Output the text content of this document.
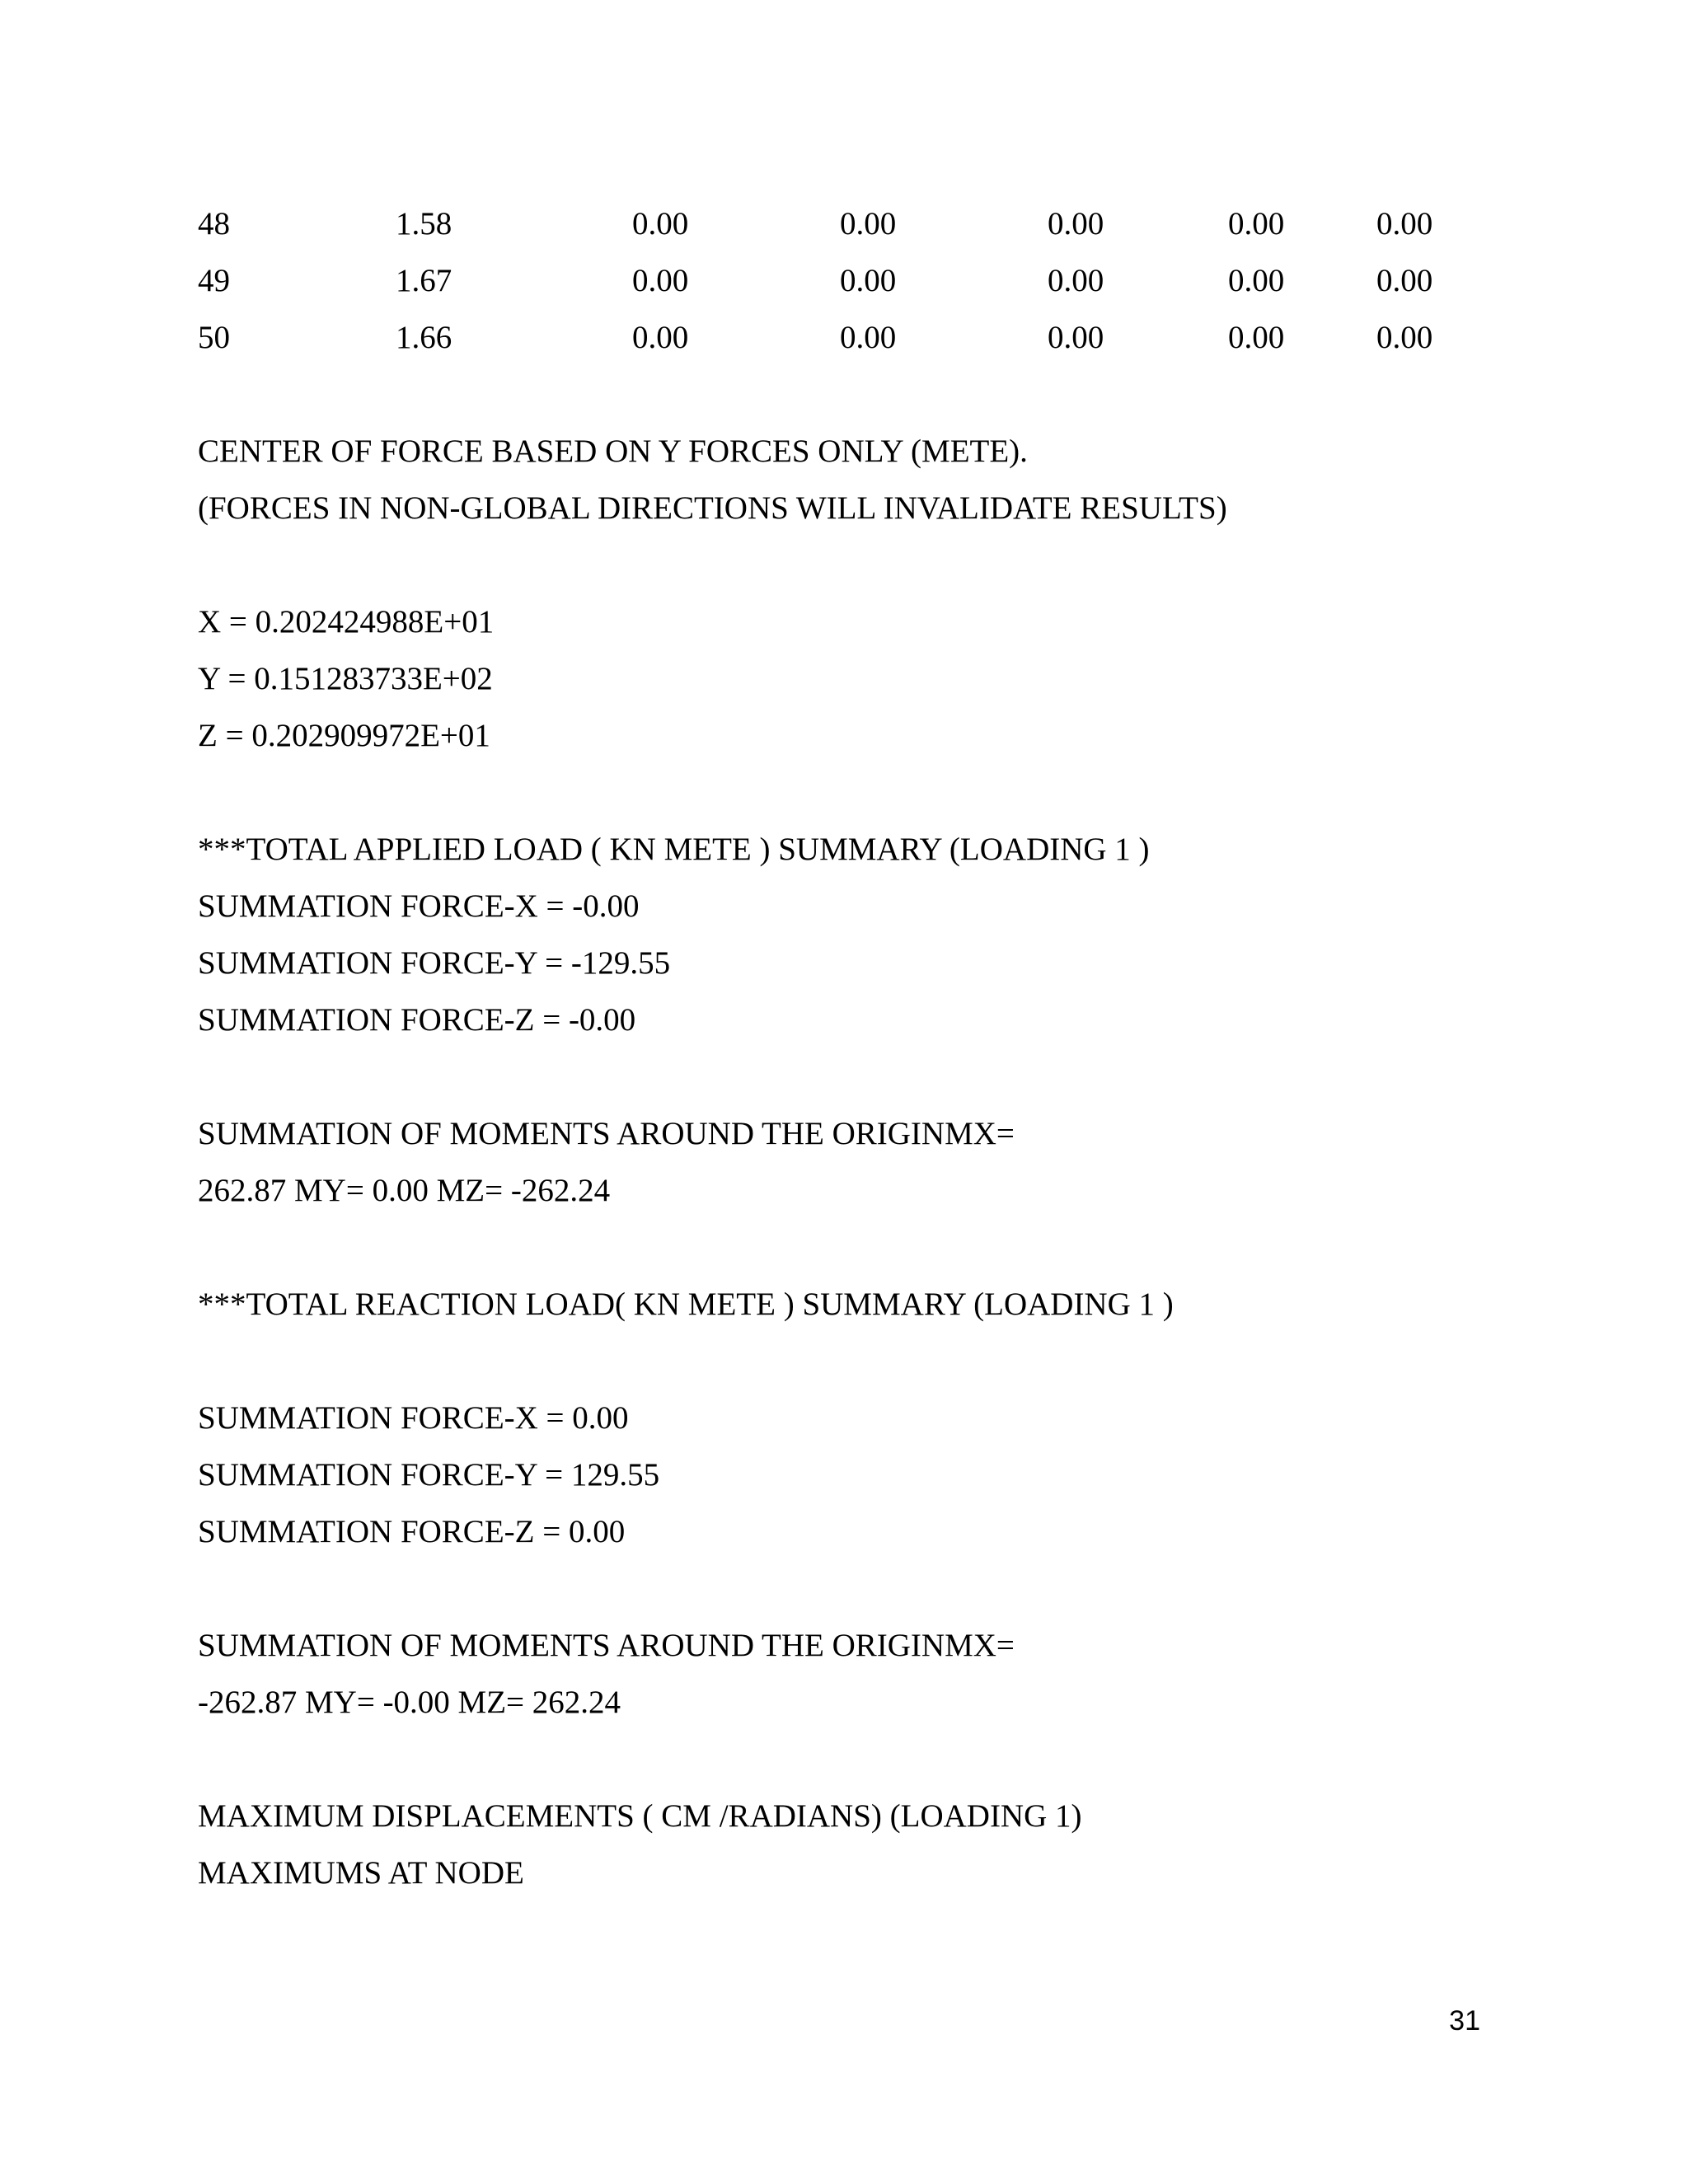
48	1.58	0.00	0.00	0.00	0.00	0.00
49	1.67	0.00	0.00	0.00	0.00	0.00
50	1.66	0.00	0.00	0.00	0.00	0.00
CENTER OF FORCE BASED ON Y FORCES ONLY (METE).
(FORCES IN NON-GLOBAL DIRECTIONS WILL INVALIDATE RESULTS)
X = 0.202424988E+01
Y = 0.151283733E+02
Z = 0.202909972E+01
***TOTAL APPLIED LOAD ( KN METE ) SUMMARY (LOADING 1 )
SUMMATION FORCE-X = -0.00
SUMMATION FORCE-Y = -129.55
SUMMATION FORCE-Z = -0.00
SUMMATION OF MOMENTS AROUND THE ORIGINMX=
262.87 MY= 0.00 MZ= -262.24
***TOTAL REACTION LOAD( KN METE ) SUMMARY (LOADING 1 )
SUMMATION FORCE-X = 0.00
SUMMATION FORCE-Y = 129.55
SUMMATION FORCE-Z = 0.00
SUMMATION OF MOMENTS AROUND THE ORIGINMX=
-262.87 MY= -0.00 MZ= 262.24
MAXIMUM DISPLACEMENTS ( CM /RADIANS) (LOADING 1)
MAXIMUMS AT NODE
31
